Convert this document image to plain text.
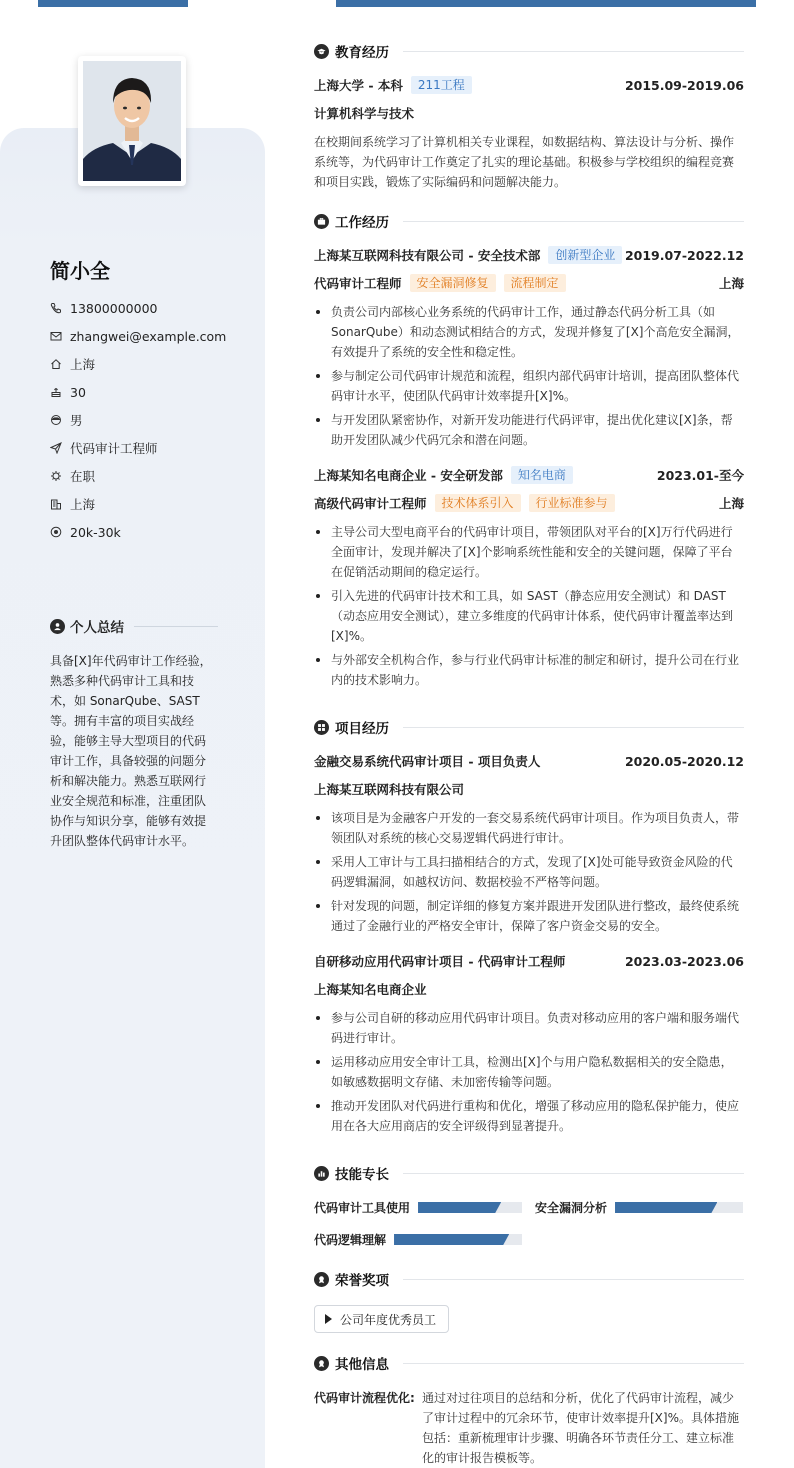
简小全
13800000000
zhangwei@example.com
上海
30
男
代码审计工程师
在职
上海
20k-30k
个人总结
具备[X]年代码审计工作经验，熟悉多种代码审计工具和技术，如 SonarQube、SAST 等。拥有丰富的项目实战经验，能够主导大型项目的代码审计工作，具备较强的问题分析和解决能力。熟悉互联网行业安全规范和标准，注重团队协作与知识分享，能够有效提升团队整体代码审计水平。
教育经历
上海大学 - 本科	211工程	2015.09-2019.06
计算机科学与技术
在校期间系统学习了计算机相关专业课程，如数据结构、算法设计与分析、操作系统等，为代码审计工作奠定了扎实的理论基础。积极参与学校组织的编程竞赛和项目实践，锻炼了实际编码和问题解决能力。
工作经历
上海某互联网科技有限公司 - 安全技术部	创新型企业 2019.07-2022.12
代码审计工程师	安全漏洞修复	流程制定	上海
负责公司内部核心业务系统的代码审计工作，通过静态代码分析工具（如 SonarQube）和动态测试相结合的方式，发现并修复了[X]个高危安全漏洞，有效提升了系统的安全性和稳定性。
参与制定公司代码审计规范和流程，组织内部代码审计培训，提高团队整体代码审计水平，使团队代码审计效率提升[X]%。
与开发团队紧密协作，对新开发功能进行代码评审，提出优化建议[X]条，帮助开发团队减少代码冗余和潜在问题。
上海某知名电商企业 - 安全研发部	知名电商	2023.01-至今
高级代码审计工程师	技术体系引入	行业标准参与	上海
主导公司大型电商平台的代码审计项目，带领团队对平台的[X]万行代码进行全面审计，发现并解决了[X]个影响系统性能和安全的关键问题，保障了平台在促销活动期间的稳定运行。
引入先进的代码审计技术和工具，如 SAST（静态应用安全测试）和 DAST（动态应用安全测试），建立多维度的代码审计体系，使代码审计覆盖率达到[X]%。
与外部安全机构合作，参与行业代码审计标准的制定和研讨，提升公司在行业内的技术影响力。
项目经历
金融交易系统代码审计项目 - 项目负责人	2020.05-2020.12
上海某互联网科技有限公司
该项目是为金融客户开发的一套交易系统代码审计项目。作为项目负责人，带领团队对系统的核心交易逻辑代码进行审计。
采用人工审计与工具扫描相结合的方式，发现了[X]处可能导致资金风险的代码逻辑漏洞，如越权访问、数据校验不严格等问题。
针对发现的问题，制定详细的修复方案并跟进开发团队进行整改，最终使系统通过了金融行业的严格安全审计，保障了客户资金交易的安全。
自研移动应用代码审计项目 - 代码审计工程师	2023.03-2023.06
上海某知名电商企业
参与公司自研的移动应用代码审计项目。负责对移动应用的客户端和服务端代码进行审计。
运用移动应用安全审计工具，检测出[X]个与用户隐私数据相关的安全隐患，如敏感数据明文存储、未加密传输等问题。
推动开发团队对代码进行重构和优化，增强了移动应用的隐私保护能力，使应用在各大应用商店的安全评级得到显著提升。
技能专长
代码审计工具使用	安全漏洞分析
代码逻辑理解
荣誉奖项
公司年度优秀员工
其他信息
代码审计流程优化: 通过对过往项目的总结和分析，优化了代码审计流程，减少了审计过程中的冗余环节，使审计效率提升[X]%。具体措施包括：重新梳理审计步骤、明确各环节责任分工、建立标准化的审计报告模板等。
